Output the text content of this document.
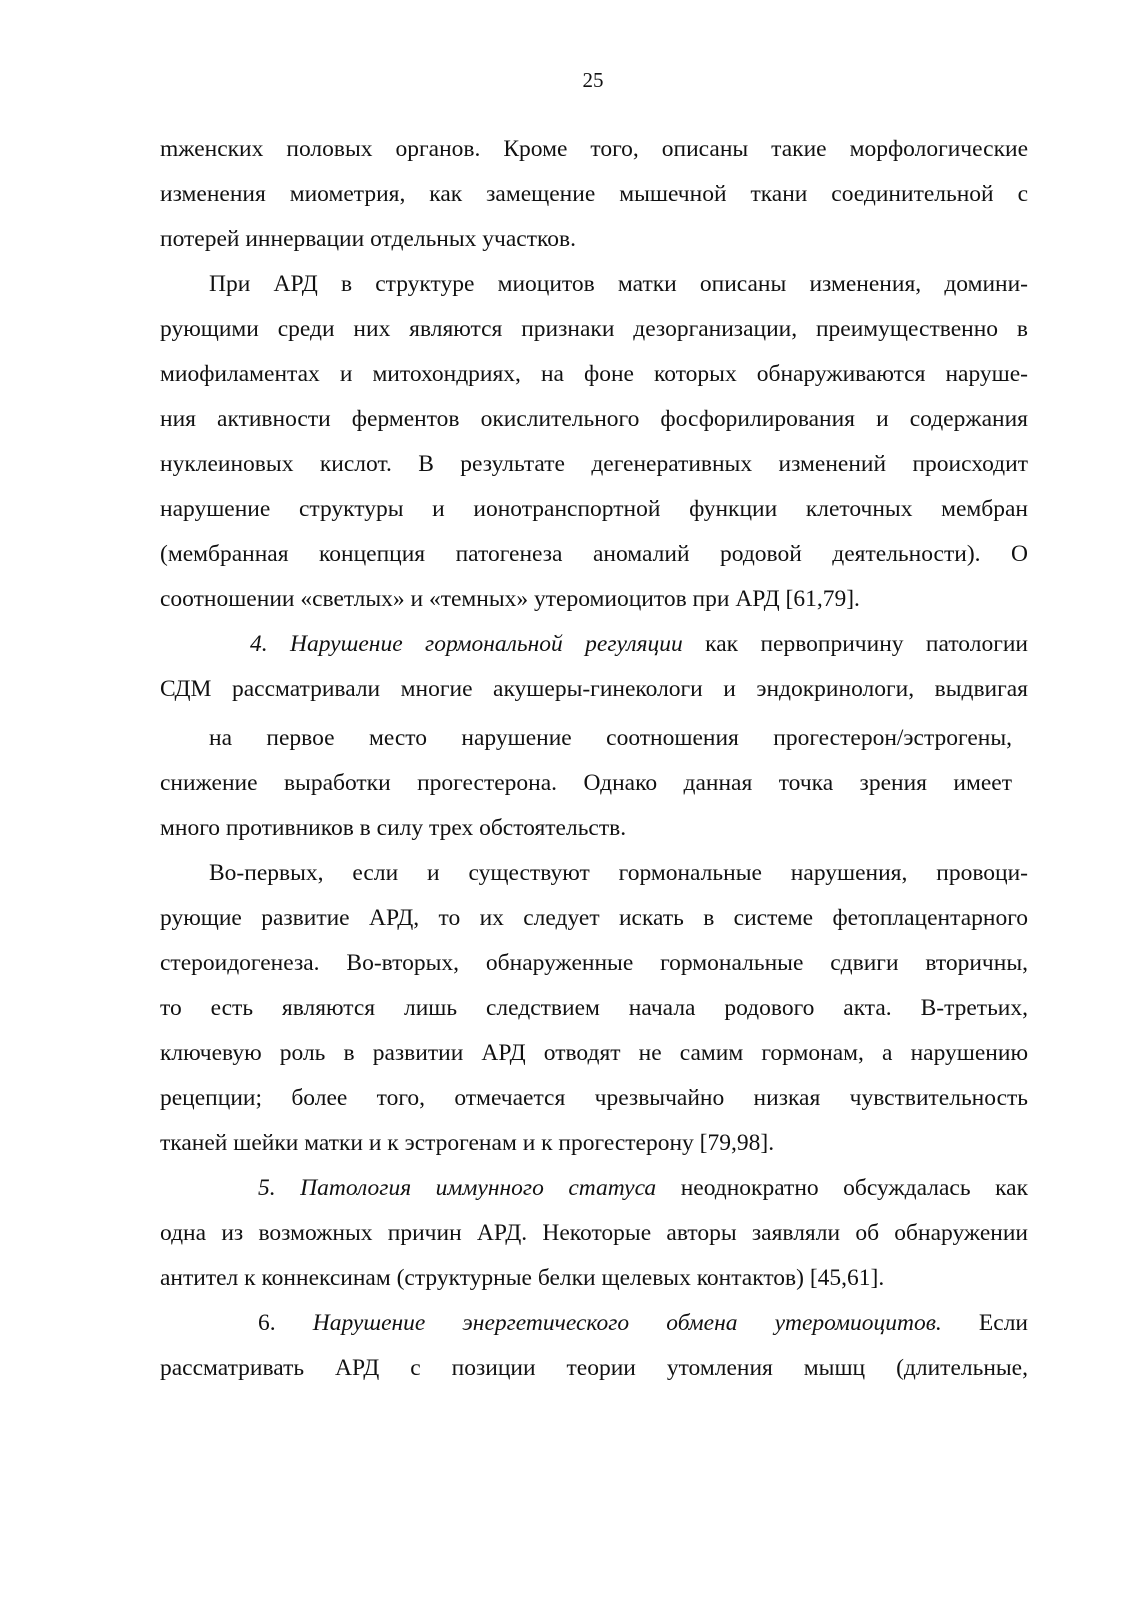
25
mженских половых органов. Кроме того, описаны такие морфологические
изменения миометрия, как замещение мышечной ткани соединительной с
потерей иннервации отдельных участков.
При АРД в структуре миоцитов матки описаны изменения, домини-
рующими среди них являются признаки дезорганизации, преимущественно в
миофиламентах и митохондриях, на фоне которых обнаруживаются наруше-
ния активности ферментов окислительного фосфорилирования и содержания
нуклеиновых кислот. В результате дегенеративных изменений происходит
нарушение структуры и ионотранспортной функции клеточных мембран
(мембранная концепция патогенеза аномалий родовой деятельности). О
соотношении «светлых» и «темных» утеромиоцитов при АРД [61,79].
4. Нарушение гормональной регуляции как первопричину патологии
СДМ рассматривали многие акушеры-гинекологи и эндокринологи, выдвигая
на первое место нарушение соотношения прогестерон/эстрогены,
снижение выработки прогестерона. Однако данная точка зрения имеет
много противников в силу трех обстоятельств.
Во-первых, если и существуют гормональные нарушения, провоци-
рующие развитие АРД, то их следует искать в системе фетоплацентарного
стероидогенеза. Во-вторых, обнаруженные гормональные сдвиги вторичны,
то есть являются лишь следствием начала родового акта. В-третьих,
ключевую роль в развитии АРД отводят не самим гормонам, а нарушению
рецепции; более того, отмечается чрезвычайно низкая чувствительность
тканей шейки матки и к эстрогенам и к прогестерону [79,98].
5. Патология иммунного статуса неоднократно обсуждалась как
одна из возможных причин АРД. Некоторые авторы заявляли об обнаружении
антител к коннексинам (структурные белки щелевых контактов) [45,61].
6. Нарушение энергетического обмена утеромиоцитов. Если
рассматривать АРД с позиции теории утомления мышц (длительные,
